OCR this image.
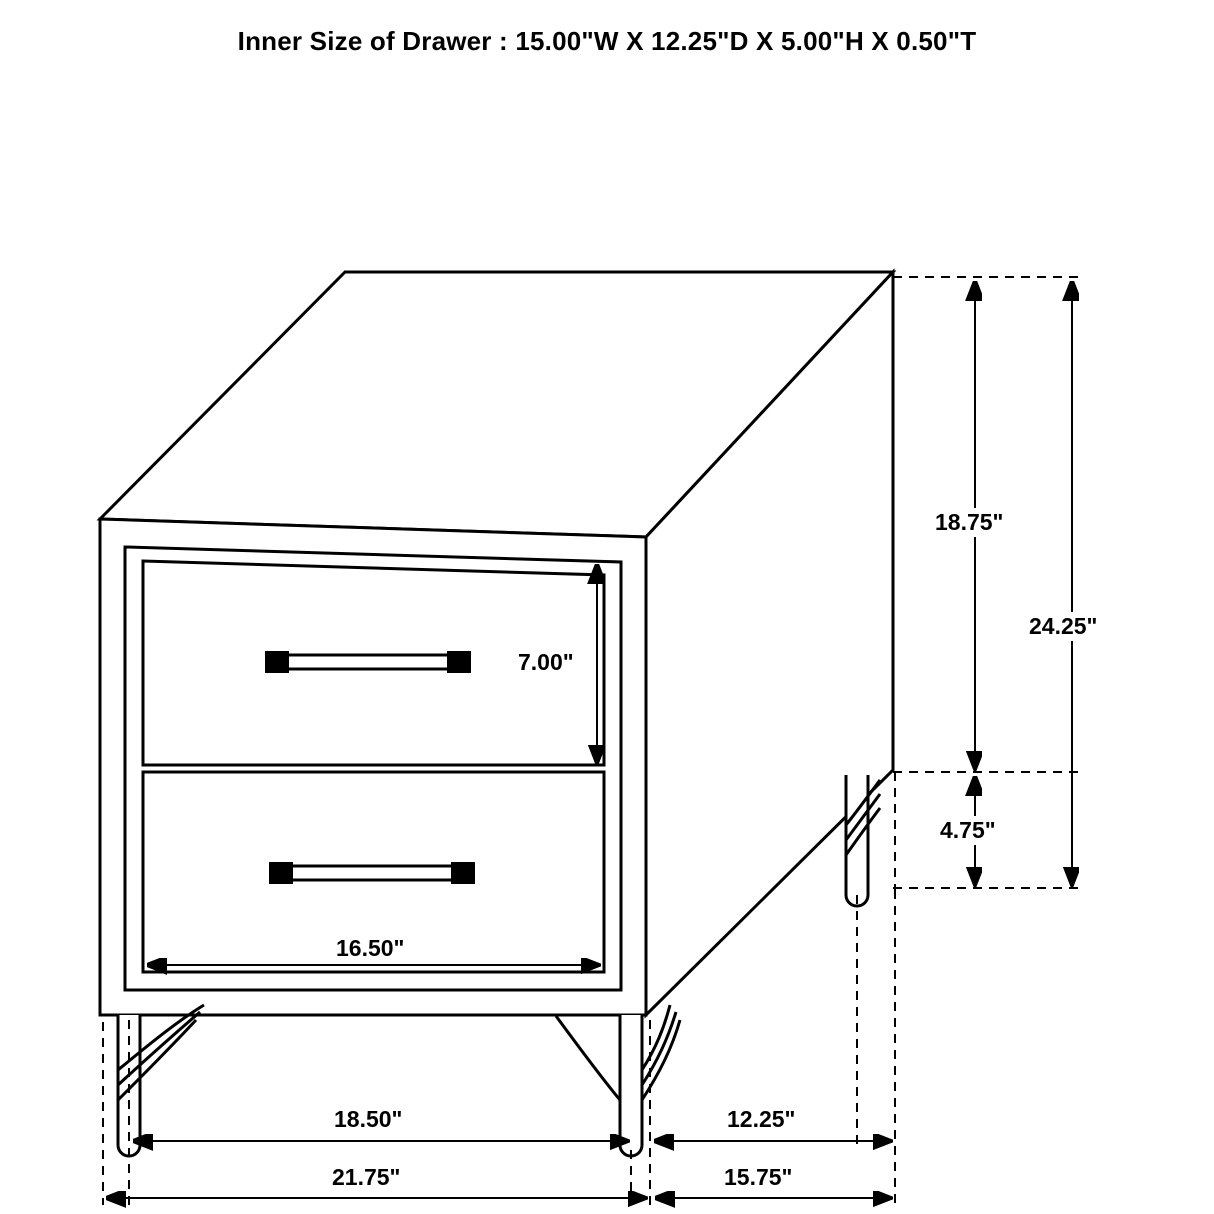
Inner Size of Drawer : 15.00"W X 12.25"D X 5.00"H X 0.50"T
7.00"
16.50"
18.75"
4.75"
24.25"
18.50"	12.25"
21.75"	15.75"
